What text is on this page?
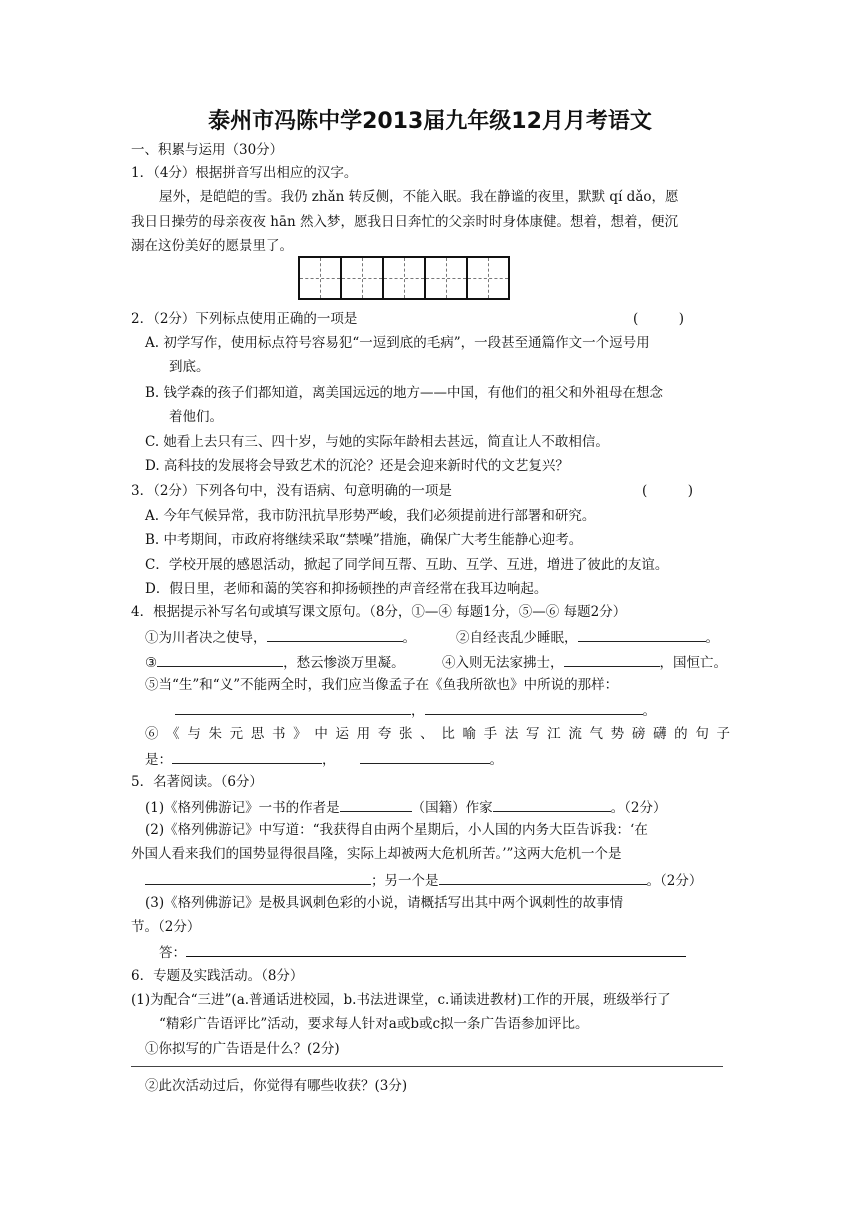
泰州市冯陈中学2013届九年级12月月考语文
一、积累与运用（30分）
1．（4分）根据拼音写出相应的汉字。
屋外，是皑皑的雪。我仍 zhǎn 转反侧，不能入眠。我在静谧的夜里，默默 qí dǎo，愿
我日日操劳的母亲夜夜 hān 然入梦，愿我日日奔忙的父亲时时身体康健。想着，想着，便沉
溺在这份美好的愿景里了。
2．（2分）下列标点使用正确的一项是	(　　　)
A. 初学写作，使用标点符号容易犯“一逗到底的毛病”，一段甚至通篇作文一个逗号用
到底。
B. 钱学森的孩子们都知道，离美国远远的地方——中国，有他们的祖父和外祖母在想念
着他们。
C. 她看上去只有三、四十岁，与她的实际年龄相去甚远，简直让人不敢相信。
D. 高科技的发展将会导致艺术的沉沦？还是会迎来新时代的文艺复兴？
3．（2分）下列各句中，没有语病、句意明确的一项是	(　　　)
A. 今年气候异常，我市防汛抗旱形势严峻，我们必须提前进行部署和研究。
B. 中考期间，市政府将继续采取“禁噪”措施，确保广大考生能静心迎考。
C．学校开展的感恩活动，掀起了同学间互帮、互助、互学、互进，增进了彼此的友谊。
D．假日里，老师和蔼的笑容和抑扬顿挫的声音经常在我耳边响起。
4．根据提示补写名句或填写课文原句。（8分，①—④ 每题1分，⑤—⑥ 每题2分）
①为川者决之使导，	。	②自经丧乱少睡眠，	。
③	，愁云惨淡万里凝。	④入则无法家拂士，	，国恒亡。
⑤当“生”和“义”不能两全时，我们应当像孟子在《鱼我所欲也》中所说的那样：
，	。
⑥《与朱元思书》中运用夸张、比喻手法写江流气势磅礴的句子
是：	，	。
5．名著阅读。（6分）
(1)《格列佛游记》一书的作者是	（国籍）作家	。（2分）
(2)《格列佛游记》中写道：“我获得自由两个星期后，小人国的内务大臣告诉我：‘在
外国人看来我们的国势显得很昌隆，实际上却被两大危机所苦。’”这两大危机一个是
；另一个是	。（2分）
(3)《格列佛游记》是极具讽刺色彩的小说，请概括写出其中两个讽刺性的故事情
节。（2分）
答：
6．专题及实践活动。（8分）
(1)为配合“三进”(a.普通话进校园，b.书法进课堂，c.诵读进教材)工作的开展，班级举行了
“精彩广告语评比”活动，要求每人针对a或b或c拟一条广告语参加评比。
①你拟写的广告语是什么？(2分)
②此次活动过后，你觉得有哪些收获？(3分)
